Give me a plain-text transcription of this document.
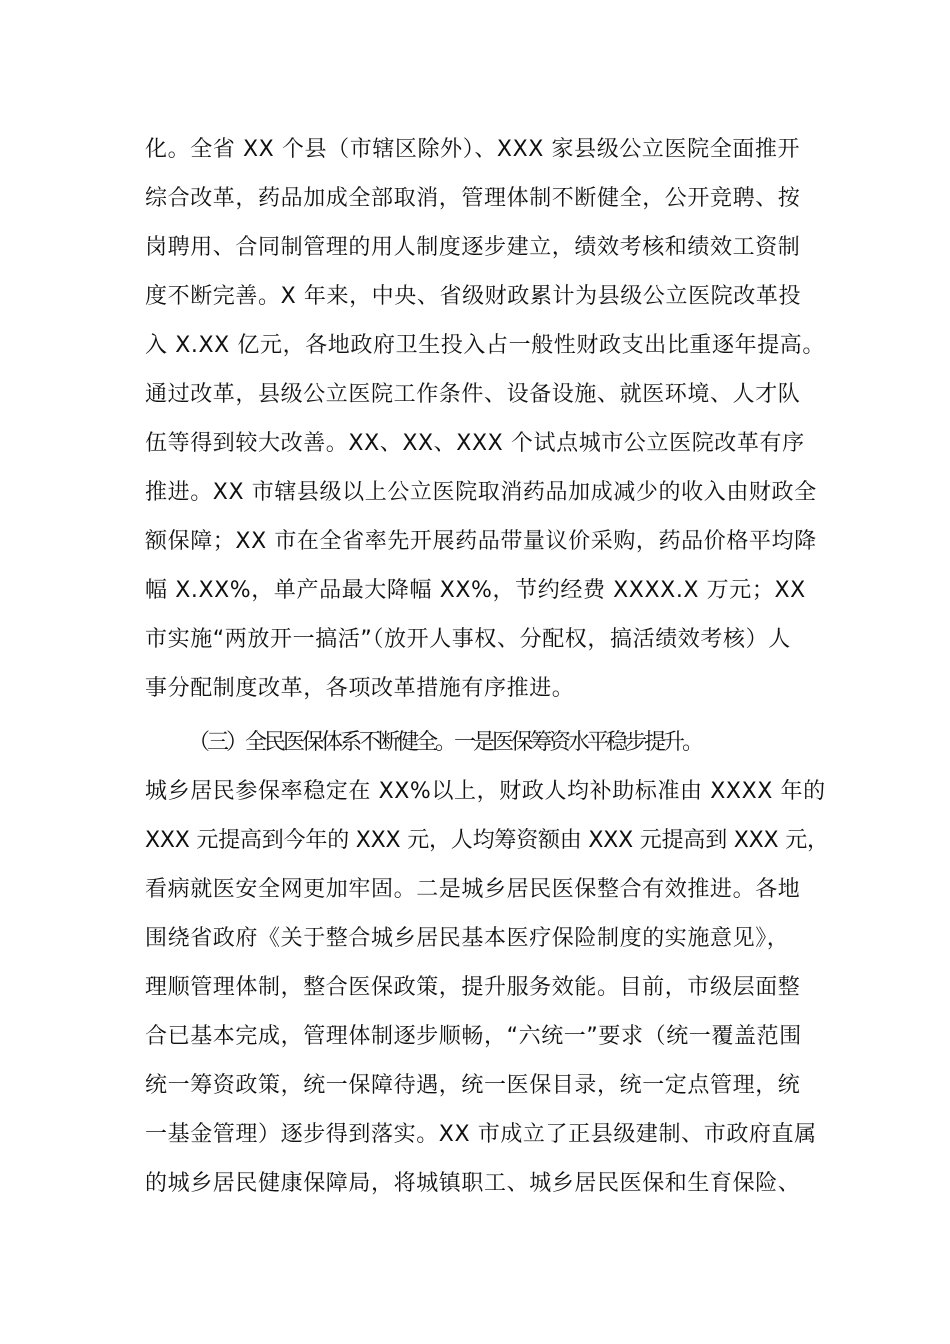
化。全省 XX 个县（市辖区除外）、XXX 家县级公立医院全面推开
综合改革，药品加成全部取消，管理体制不断健全，公开竞聘、按
岗聘用、合同制管理的用人制度逐步建立，绩效考核和绩效工资制
度不断完善。X 年来，中央、省级财政累计为县级公立医院改革投
入 X.XX 亿元，各地政府卫生投入占一般性财政支出比重逐年提高。
通过改革，县级公立医院工作条件、设备设施、就医环境、人才队
伍等得到较大改善。XX、XX、XXX 个试点城市公立医院改革有序
推进。XX 市辖县级以上公立医院取消药品加成减少的收入由财政全
额保障；XX 市在全省率先开展药品带量议价采购，药品价格平均降
幅 X.XX%，单产品最大降幅 XX%，节约经费 XXXX.X 万元；XX
市实施“两放开一搞活”（放开人事权、分配权，搞活绩效考核）人
事分配制度改革，各项改革措施有序推进。
（三）全民医保体系不断健全。一是医保筹资水平稳步提升。
城乡居民参保率稳定在 XX%以上，财政人均补助标准由 XXXX 年的
XXX 元提高到今年的 XXX 元，人均筹资额由 XXX 元提高到 XXX 元，
看病就医安全网更加牢固。二是城乡居民医保整合有效推进。各地
围绕省政府《关于整合城乡居民基本医疗保险制度的实施意见》，
理顺管理体制，整合医保政策，提升服务效能。目前，市级层面整
合已基本完成，管理体制逐步顺畅，“六统一”要求（统一覆盖范围
统一筹资政策，统一保障待遇，统一医保目录，统一定点管理，统
一基金管理）逐步得到落实。XX 市成立了正县级建制、市政府直属
的城乡居民健康保障局，将城镇职工、城乡居民医保和生育保险、
